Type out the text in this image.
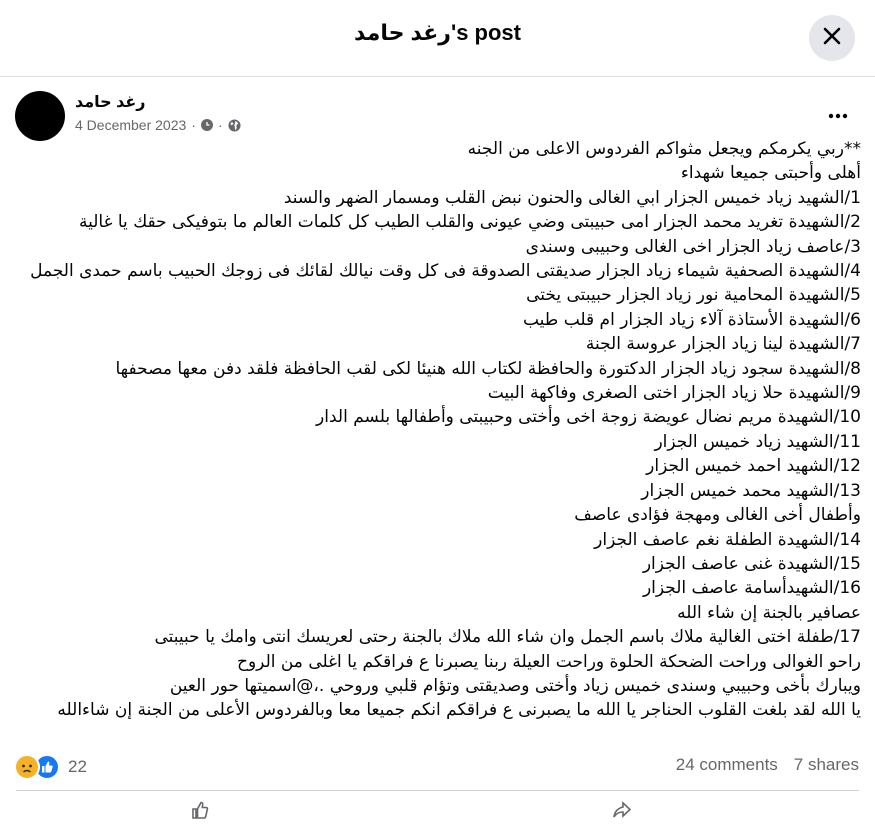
رغد حامد's post
رغد حامد
4 December 2023 · ·
**ربي يكرمكم ويجعل مثواكم الفردوس الاعلى من الجنه
أهلى وأحبتى جميعا شهداء
1/الشهيد زياد خميس الجزار ابي الغالى والحنون نبض القلب ومسمار الضهر والسند
2/الشهيدة تغريد محمد الجزار امى حبيبتى وضي عيونى والقلب الطيب كل كلمات العالم ما بتوفيكى حقك يا غالية
3/عاصف زياد الجزار اخى الغالى وحبيبى وسندى
4/الشهيدة الصحفية شيماء زياد الجزار صديقتى الصدوقة فى كل وقت نيالك لقائك فى زوجك الحبيب باسم حمدى الجمل
5/الشهيدة المحامية نور زياد الجزار حبيبتى يختى
6/الشهيدة الأستاذة آلاء زياد الجزار ام قلب طيب
7/الشهيدة لينا زياد الجزار عروسة الجنة
8/الشهيدة سجود زياد الجزار الدكتورة والحافظة لكتاب الله هنيئا لكى لقب الحافظة فلقد دفن معها مصحفها
9/الشهيدة حلا زياد الجزار اختى الصغرى وفاكهة البيت
10/الشهيدة مريم نضال عويضة زوجة اخى وأختى وحبيبتى وأطفالها بلسم الدار
11/الشهيد زياد خميس الجزار
12/الشهيد احمد خميس الجزار
13/الشهيد محمد خميس الجزار
وأطفال أخى الغالى ومهجة فؤادى عاصف
14/الشهيدة الطفلة نغم عاصف الجزار
15/الشهيدة غنى عاصف الجزار
16/الشهيدأسامة عاصف الجزار
عصافير بالجنة إن شاء الله
17/طفلة اختى الغالية ملاك باسم الجمل وان شاء الله ملاك بالجنة رحتى لعريسك انتى وامك يا حبيبتى
راحو الغوالى وراحت الضحكة الحلوة وراحت العيلة ربنا يصبرنا ع فراقكم يا اغلى من الروح
ويبارك بأخى وحبيبي وسندى خميس زياد وأختى وصديقتى وتؤام قلبي وروحي .،@اسميتها حور العين
يا الله لقد بلغت القلوب الحناجر يا الله ما يصبرنى ع فراقكم انكم جميعا معا وبالفردوس الأعلى من الجنة إن شاءالله
22	24 comments 7 shares
